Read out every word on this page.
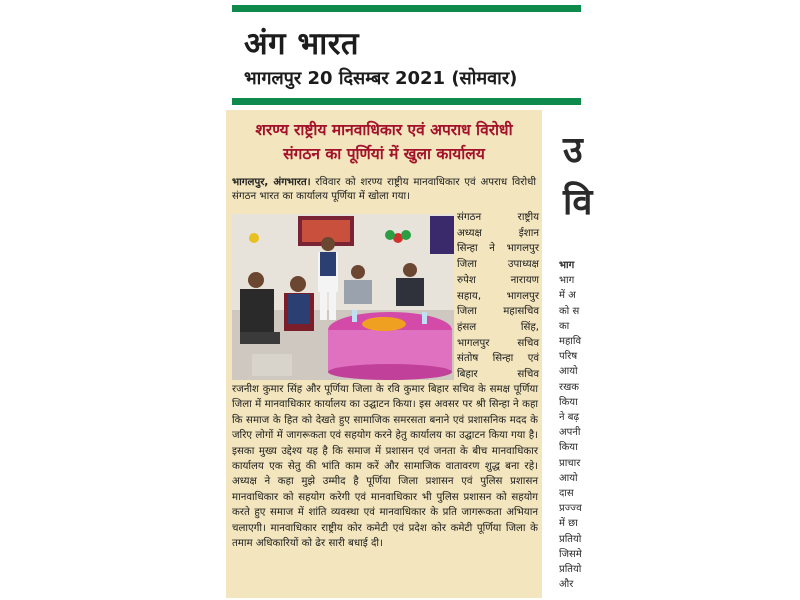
अंग भारत
भागलपुर 20 दिसम्बर 2021 (सोमवार)
शरण्य राष्ट्रीय मानवाधिकार एवं अपराध विरोधी
संगठन का पूर्णियां में खुला कार्यालय
भागलपुर, अंगभारत। रविवार को शरण्य राष्ट्रीय मानवाधिकार एवं अपराध विरोधी संगठन भारत का कार्यालय पूर्णिया में खोला गया।
संगठन राष्ट्रीय
अध्यक्ष ईशान
सिन्हा ने भागलपुर
जिला उपाध्यक्ष
रुपेश नारायण
सहाय, भागलपुर
जिला महासचिव
हंसल सिंह,
भागलपुर सचिव
संतोष सिन्हा एवं
बिहार सचिव
रजनीश कुमार सिंह और पूर्णिया जिला के रवि कुमार बिहार सचिव के समक्ष पूर्णिया जिला में मानवाधिकार कार्यालय का उद्घाटन किया। इस अवसर पर श्री सिन्हा ने कहा कि समाज के हित को देखते हुए सामाजिक समरसता बनाने एवं प्रशासनिक मदद के जरिए लोगों में जागरूकता एवं सहयोग करने हेतु कार्यालय का उद्घाटन किया गया है। इसका मुख्य उद्देश्य यह है कि समाज में प्रशासन एवं जनता के बीच मानवाधिकार कार्यालय एक सेतु की भांति काम करें और सामाजिक वातावरण शुद्ध बना रहे। अध्यक्ष ने कहा मुझे उम्मीद है पूर्णिया जिला प्रशासन एवं पुलिस प्रशासन मानवाधिकार को सहयोग करेगी एवं मानवाधिकार भी पुलिस प्रशासन को सहयोग करते हुए समाज में शांति व्यवस्था एवं मानवाधिकार के प्रति जागरूकता अभियान चलाएगी। मानवाधिकार राष्ट्रीय कोर कमेटी एवं प्रदेश कोर कमेटी पूर्णिया जिला के तमाम अधिकारियों को ढेर सारी बधाई दी।
उ
वि
भाग
भाग
में अ
को स
का
महावि
परिष
आयो
रखक
किया
ने बढ़
अपनी
किया
प्राचार
आयो
दास
प्रज्ज्व
में छा
प्रतियो
जिसमे
प्रतियो
और
